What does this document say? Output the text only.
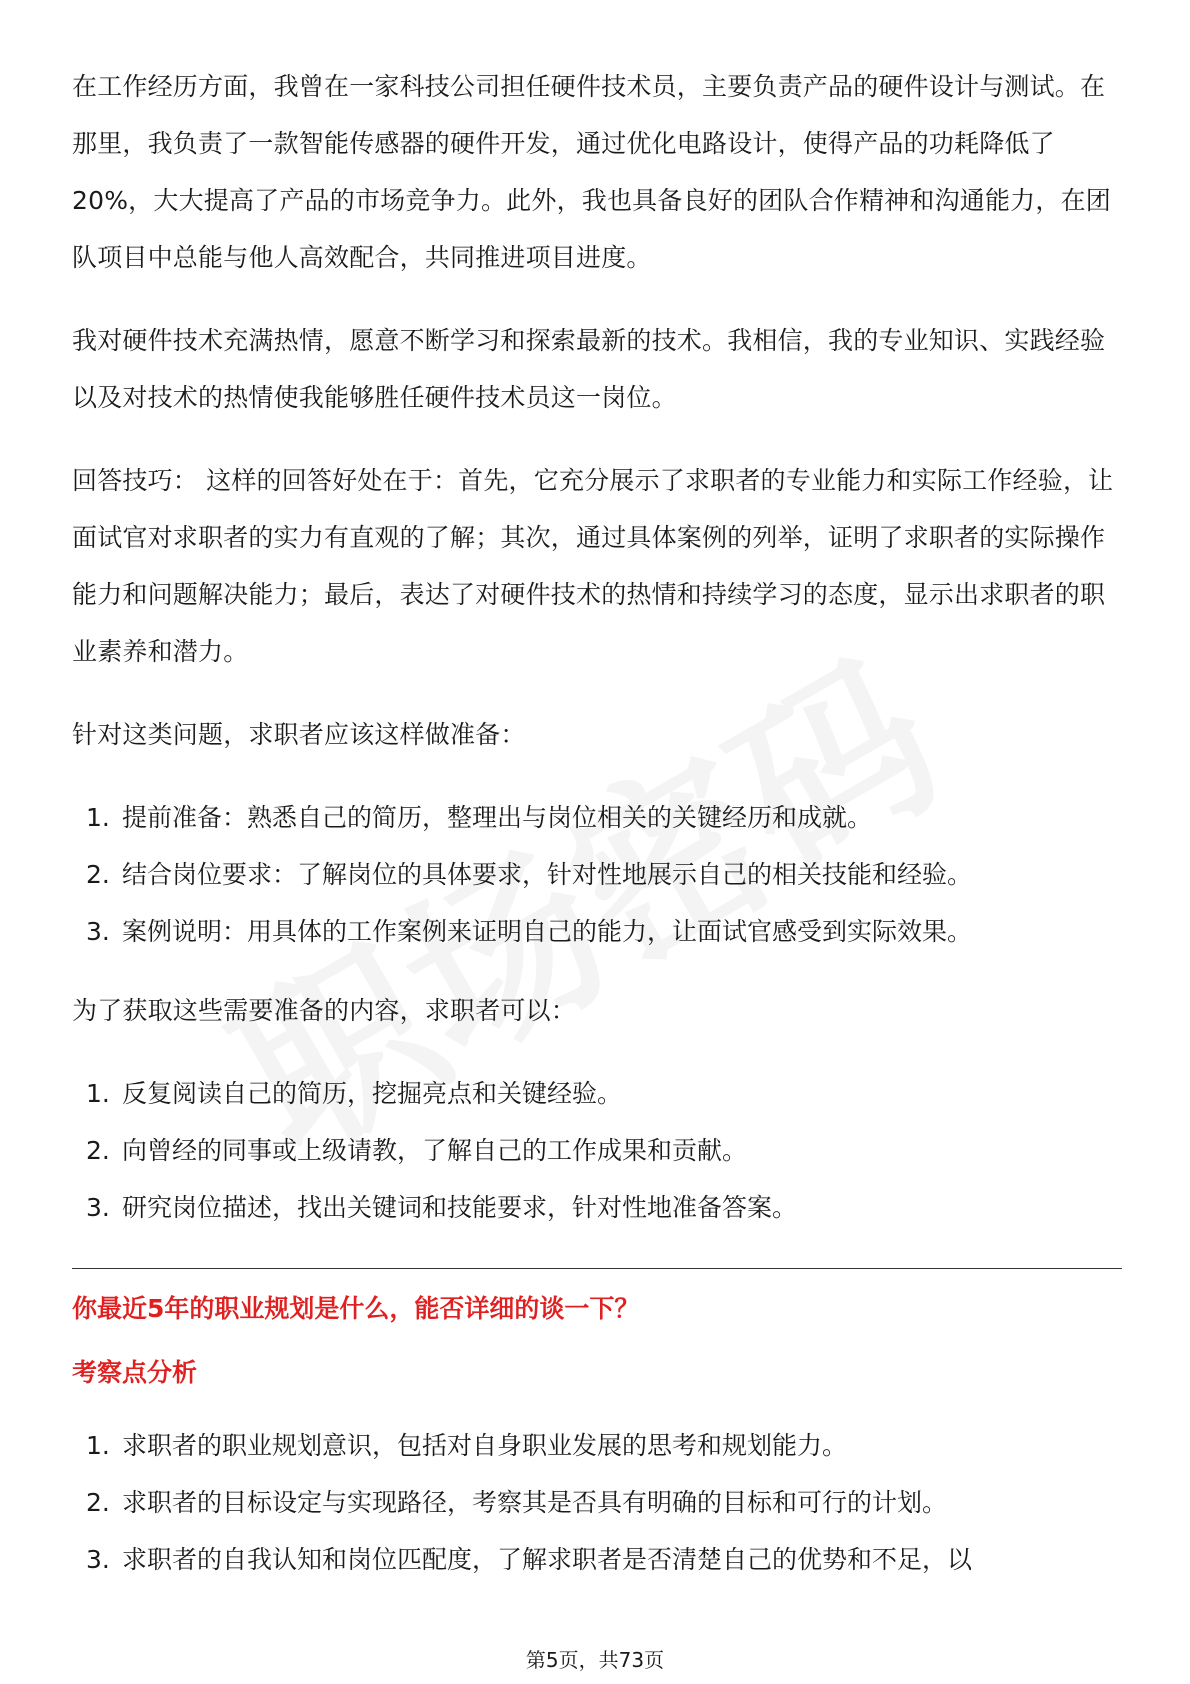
在工作经历方面，我曾在一家科技公司担任硬件技术员，主要负责产品的硬件设计与测试。在那里，我负责了一款智能传感器的硬件开发，通过优化电路设计，使得产品的功耗降低了20%，大大提高了产品的市场竞争力。此外，我也具备良好的团队合作精神和沟通能力，在团队项目中总能与他人高效配合，共同推进项目进度。

我对硬件技术充满热情，愿意不断学习和探索最新的技术。我相信，我的专业知识、实践经验以及对技术的热情使我能够胜任硬件技术员这一岗位。

回答技巧： 这样的回答好处在于：首先，它充分展示了求职者的专业能力和实际工作经验，让面试官对求职者的实力有直观的了解；其次，通过具体案例的列举，证明了求职者的实际操作能力和问题解决能力；最后，表达了对硬件技术的热情和持续学习的态度，显示出求职者的职业素养和潜力。

针对这类问题，求职者应该这样做准备：

1. 提前准备：熟悉自己的简历，整理出与岗位相关的关键经历和成就。
2. 结合岗位要求：了解岗位的具体要求，针对性地展示自己的相关技能和经验。
3. 案例说明：用具体的工作案例来证明自己的能力，让面试官感受到实际效果。

为了获取这些需要准备的内容，求职者可以：

1. 反复阅读自己的简历，挖掘亮点和关键经验。
2. 向曾经的同事或上级请教，了解自己的工作成果和贡献。
3. 研究岗位描述，找出关键词和技能要求，针对性地准备答案。
你最近5年的职业规划是什么，能否详细的谈一下？
考察点分析
1. 求职者的职业规划意识，包括对自身职业发展的思考和规划能力。
2. 求职者的目标设定与实现路径，考察其是否具有明确的目标和可行的计划。
3. 求职者的自我认知和岗位匹配度，了解求职者是否清楚自己的优势和不足，以
第5页，共73页
